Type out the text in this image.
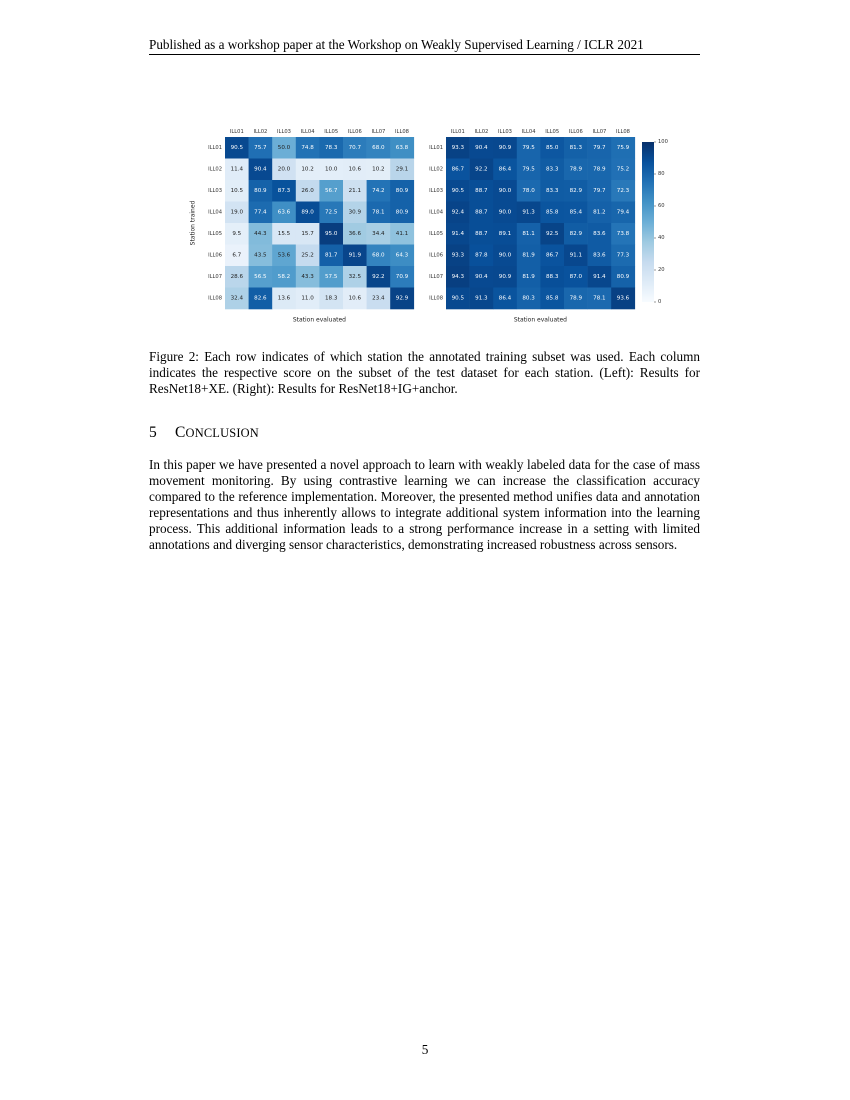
Published as a workshop paper at the Workshop on Weakly Supervised Learning / ICLR 2021
ILL01 ILL02 ILL03 ILL04 ILL05 ILL06 ILL07 ILL08
ILL01
ILL02
ILL03
ILL04
ILL05
ILL06
ILL07
ILL08
90.5 75.7 50.0 74.8 78.3 70.7 68.0 63.8
11.4 90.4 20.0 10.2 10.0 10.6 10.2 29.1
10.5 80.9 87.3 26.0 56.7 21.1 74.2 80.9
19.0 77.4 63.6 89.0 72.5 30.9 78.1 80.9
9.5 44.3 15.5 15.7 95.0 36.6 34.4 41.1
6.7 43.5 53.6 25.2 81.7 91.9 68.0 64.3
28.6 56.5 58.2 43.3 57.5 32.5 92.2 70.9
32.4 82.6 13.6 11.0 18.3 10.6 23.4 92.9
Station evaluated
Station trained
ILL01 ILL02 ILL03 ILL04 ILL05 ILL06 ILL07 ILL08
ILL01
ILL02
ILL03
ILL04
ILL05
ILL06
ILL07
ILL08
93.3 90.4 90.9 79.5 85.0 81.3 79.7 75.9
86.7 92.2 86.4 79.5 83.3 78.9 78.9 75.2
90.5 88.7 90.0 78.0 83.3 82.9 79.7 72.3
92.4 88.7 90.0 91.3 85.8 85.4 81.2 79.4
91.4 88.7 89.1 81.1 92.5 82.9 83.6 73.8
93.3 87.8 90.0 81.9 86.7 91.1 83.6 77.3
94.3 90.4 90.9 81.9 88.3 87.0 91.4 80.9
90.5 91.3 86.4 80.3 85.8 78.9 78.1 93.6
Station evaluated
0
20
40
60
80
100
Figure 2: Each row indicates of which station the annotated training subset was used. Each column indicates the respective score on the subset of the test dataset for each station. (Left): Results for ResNet18+XE. (Right): Results for ResNet18+IG+anchor.
5 CONCLUSION
In this paper we have presented a novel approach to learn with weakly labeled data for the case of mass movement monitoring. By using contrastive learning we can increase the classification accuracy compared to the reference implementation. Moreover, the presented method unifies data and annotation representations and thus inherently allows to integrate additional system information into the learning process. This additional information leads to a strong performance increase in a setting with limited annotations and diverging sensor characteristics, demonstrating increased robustness across sensors.
5
